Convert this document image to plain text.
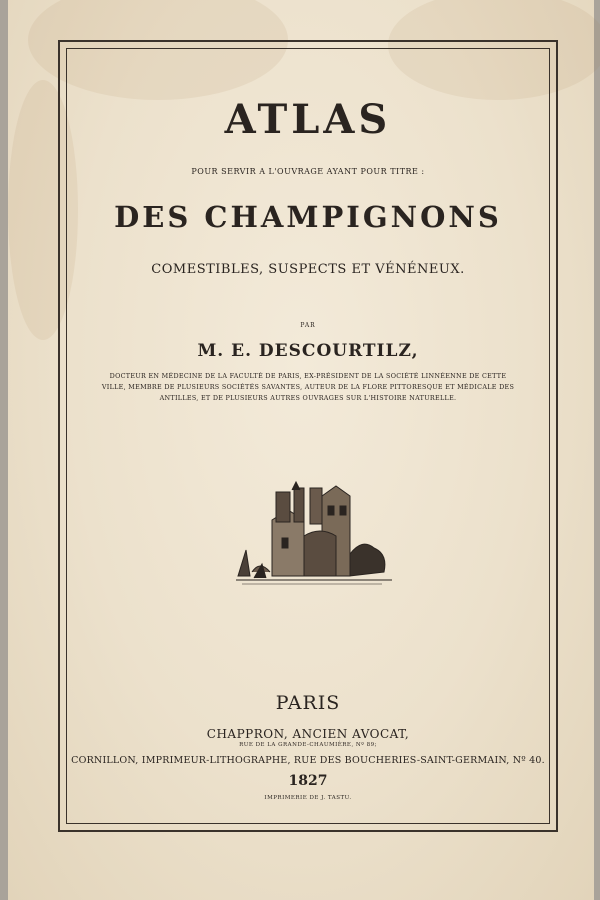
ATLAS
POUR SERVIR A L'OUVRAGE AYANT POUR TITRE :
DES CHAMPIGNONS
COMESTIBLES, SUSPECTS ET VÉNÉNEUX.
PAR
M. E. DESCOURTILZ,
DOCTEUR EN MÉDECINE DE LA FACULTÉ DE PARIS, EX-PRÉSIDENT DE LA SOCIÉTÉ LINNÉENNE DE CETTE VILLE, MEMBRE DE PLUSIEURS SOCIÉTÉS SAVANTES, AUTEUR DE LA FLORE PITTORESQUE ET MÉDICALE DES ANTILLES, ET DE PLUSIEURS AUTRES OUVRAGES SUR L'HISTOIRE NATURELLE.
PARIS
CHAPPRON, ANCIEN AVOCAT,
RUE DE LA GRANDE-CHAUMIÈRE, Nº 89;
CORNILLON, IMPRIMEUR-LITHOGRAPHE, RUE DES BOUCHERIES-SAINT-GERMAIN, Nº 40.
1827
IMPRIMERIE DE J. TASTU.
